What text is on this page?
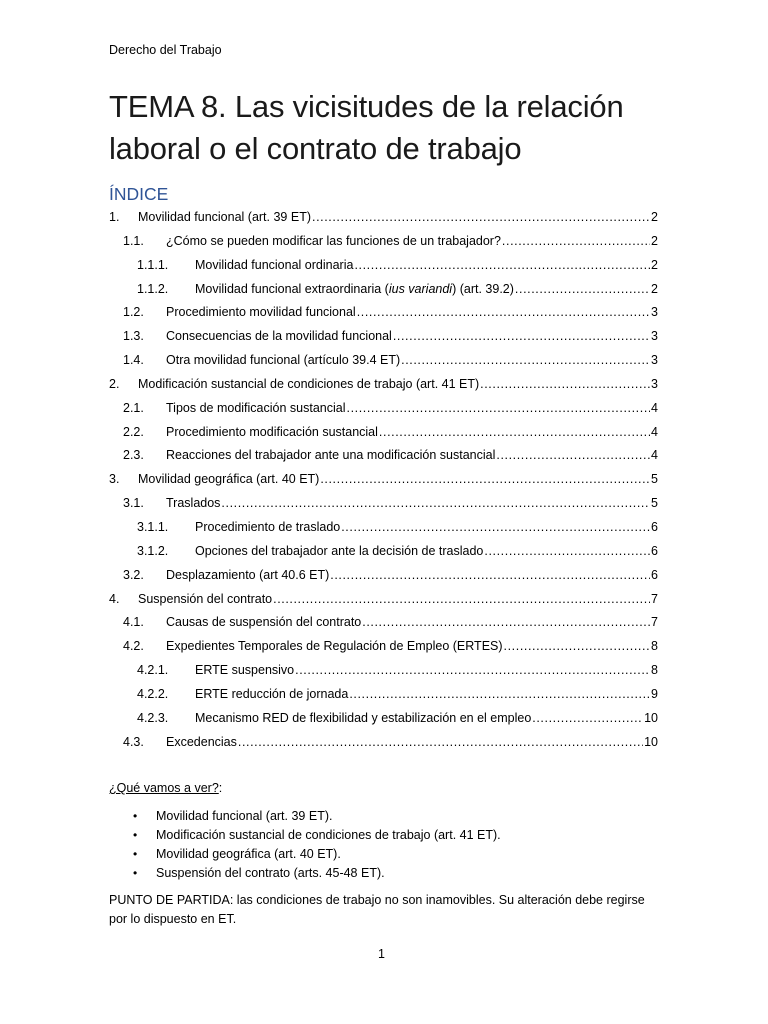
Derecho del Trabajo
TEMA 8. Las vicisitudes de la relación
laboral o el contrato de trabajo
ÍNDICE
1.	Movilidad funcional (art. 39 ET) .....	2
1.1.	¿Cómo se pueden modificar las funciones de un trabajador? .....	2
1.1.1.	Movilidad funcional ordinaria .....	2
1.1.2.	Movilidad funcional extraordinaria (ius variandi) (art. 39.2) .....	2
1.2.	Procedimiento movilidad funcional .....	3
1.3.	Consecuencias de la movilidad funcional .....	3
1.4.	Otra movilidad funcional (artículo 39.4 ET) .....	3
2.	Modificación sustancial de condiciones de trabajo (art. 41 ET) .....	3
2.1.	Tipos de modificación sustancial .....	4
2.2.	Procedimiento modificación sustancial .....	4
2.3.	Reacciones del trabajador ante una modificación sustancial .....	4
3.	Movilidad geográfica (art. 40 ET) .....	5
3.1.	Traslados .....	5
3.1.1.	Procedimiento de traslado .....	6
3.1.2.	Opciones del trabajador ante la decisión de traslado .....	6
3.2.	Desplazamiento (art 40.6 ET) .....	6
4.	Suspensión del contrato .....	7
4.1.	Causas de suspensión del contrato .....	7
4.2.	Expedientes Temporales de Regulación de Empleo (ERTES) .....	8
4.2.1.	ERTE suspensivo .....	8
4.2.2.	ERTE reducción de jornada .....	9
4.2.3.	Mecanismo RED de flexibilidad y estabilización en el empleo .....	10
4.3.	Excedencias .....	10
¿Qué vamos a ver?:
• Movilidad funcional (art. 39 ET).
• Modificación sustancial de condiciones de trabajo (art. 41 ET).
• Movilidad geográfica (art. 40 ET).
• Suspensión del contrato (arts. 45-48 ET).

PUNTO DE PARTIDA: las condiciones de trabajo no son inamovibles. Su alteración debe regirse por lo dispuesto en ET.

1
